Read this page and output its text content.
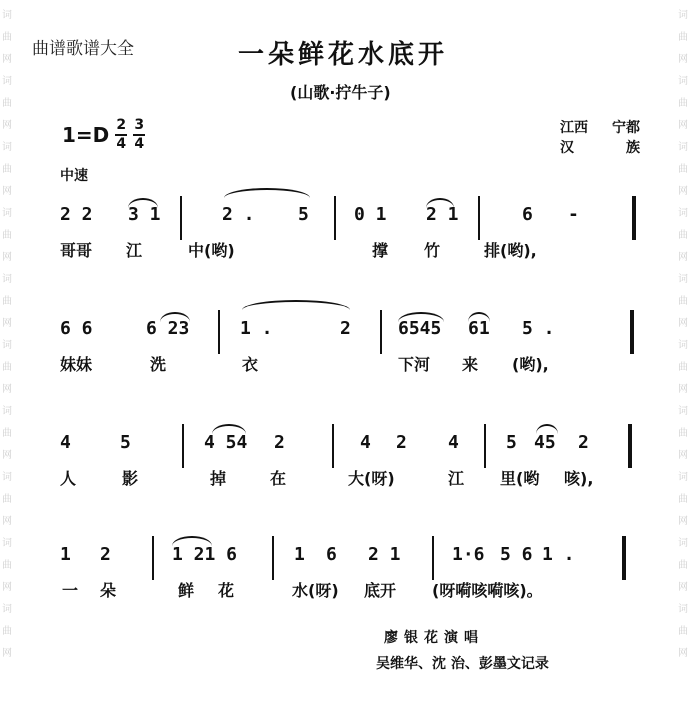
词
曲
网
词
曲
网
词
曲
网
词
曲
网
词
曲
网
词
曲
网
词
曲
网
词
曲
网
词
曲
网
词
曲
网
词
曲
网
词
曲
网
词
曲
网
词
曲
网
词
曲
网
词
曲
网
词
曲
网
词
曲
网
词
曲
网
词
曲
网
曲谱歌谱大全	一朵鲜花水底开
(山歌·拧牛子)
$1=D \frac{2}{4} \frac{3}{4}$	江西 宁都
汉	族
中速
2 2 3 1	2 . 5	0 1 2 1	6 -
哥哥 江	中(哟)	撑 竹	排(哟),
6 6	6 23	1 .	2	6545 61 5 .
妹妹	洗	衣	下河 来 (哟),
4	5	4 54 2	4 2 4	5 45 2
人	影	掉	在	大(呀)	江 里(哟 咳),
1 2	1 21 6	1 6 2 1	1·6 5 6 1 .
一 朵	鲜 花	水(呀) 底开 (呀嗬咳嗬咳)。
廖银花演唱
吴维华、沈 治、彭墨文记录
